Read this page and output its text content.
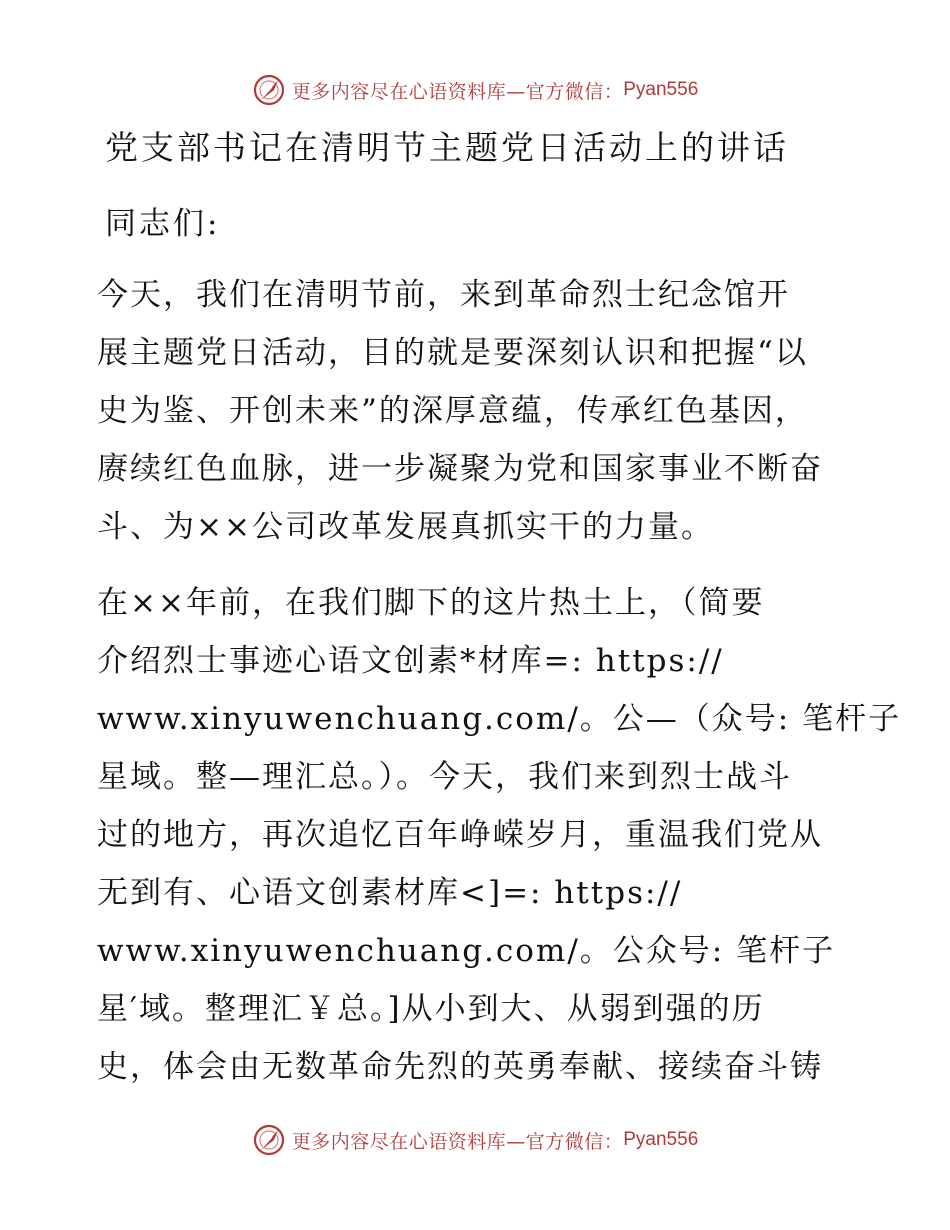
更多内容尽在心语资料库—官方微信： Pyan556
党支部书记在清明节主题党日活动上的讲话
同志们:
今天，我们在清明节前，来到革命烈士纪念馆开
展主题党日活动，目的就是要深刻认识和把握“以
史为鉴、开创未来”的深厚意蕴，传承红色基因，
赓续红色血脉，进一步凝聚为党和国家事业不断奋
斗、为××公司改革发展真抓实干的力量。
在××年前，在我们脚下的这片热土上，（简要
介绍烈士事迹心语文创素*材库=: https://
www.xinyuwenchuang.com/。公—（众号: 笔杆子
星域。整—理汇总。）。今天，我们来到烈士战斗
过的地方，再次追忆百年峥嵘岁月，重温我们党从
无到有、心语文创素材库<]=: https://
www.xinyuwenchuang.com/。公众号: 笔杆子
星′域。整理汇￥总。]从小到大、从弱到强的历
史，体会由无数革命先烈的英勇奉献、接续奋斗铸
更多内容尽在心语资料库—官方微信： Pyan556
